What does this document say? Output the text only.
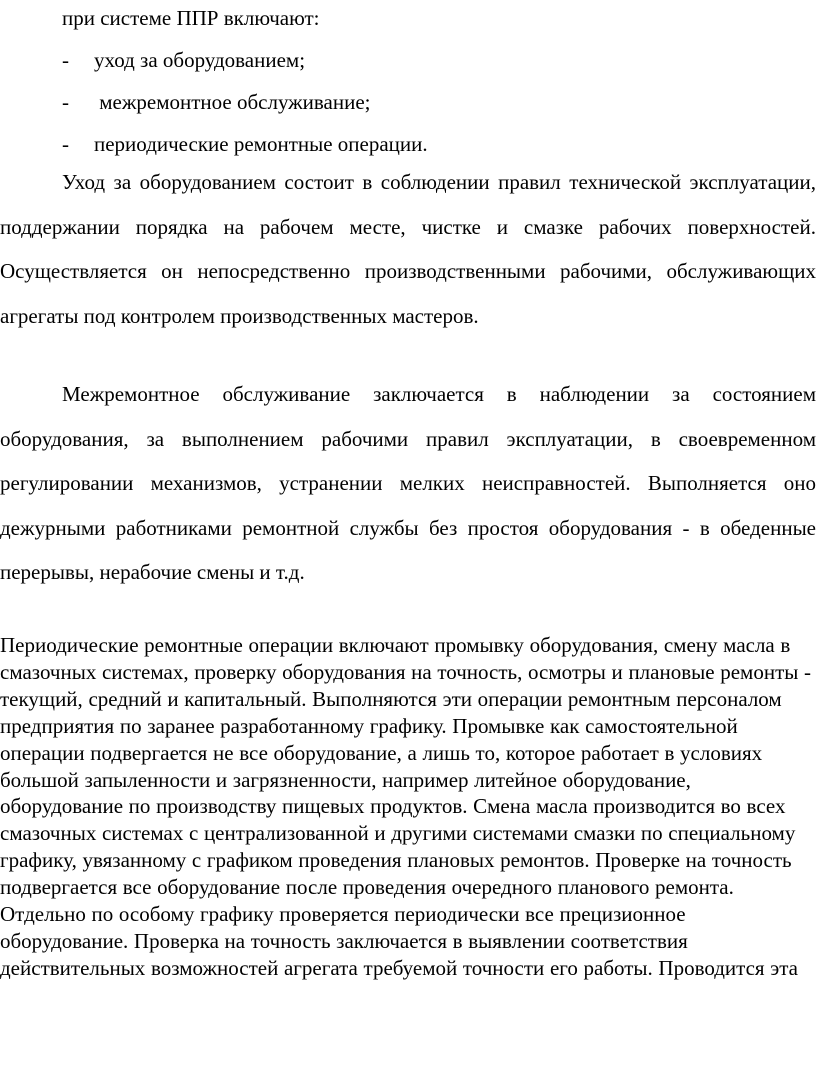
при системе ППР включают:

- уход за оборудованием;
- межремонтное обслуживание;
- периодические ремонтные операции.

Уход за оборудованием состоит в соблюдении правил технической эксплуатации, поддержании порядка на рабочем месте, чистке и смазке рабочих поверхностей. Осуществляется он непосредственно производственными рабочими, обслуживающих агрегаты под контролем производственных мастеров.

Межремонтное обслуживание заключается в наблюдении за состоянием оборудования, за выполнением рабочими правил эксплуатации, в своевременном регулировании механизмов, устранении мелких неисправностей. Выполняется оно дежурными работниками ремонтной службы без простоя оборудования - в обеденные перерывы, нерабочие смены и т.д.

Периодические ремонтные операции включают промывку оборудования, смену масла в смазочных системах, проверку оборудования на точность, осмотры и плановые ремонты - текущий, средний и капитальный. Выполняются эти операции ремонтным персоналом предприятия по заранее разработанному графику. Промывке как самостоятельной операции подвергается не все оборудование, а лишь то, которое работает в условиях большой запыленности и загрязненности, например литейное оборудование, оборудование по производству пищевых продуктов. Смена масла производится во всех смазочных системах с централизованной и другими системами смазки по специальному графику, увязанному с графиком проведения плановых ремонтов. Проверке на точность подвергается все оборудование после проведения очередного планового ремонта. Отдельно по особому графику проверяется периодически все прецизионное оборудование. Проверка на точность заключается в выявлении соответствия действительных возможностей агрегата требуемой точности его работы. Проводится эта
